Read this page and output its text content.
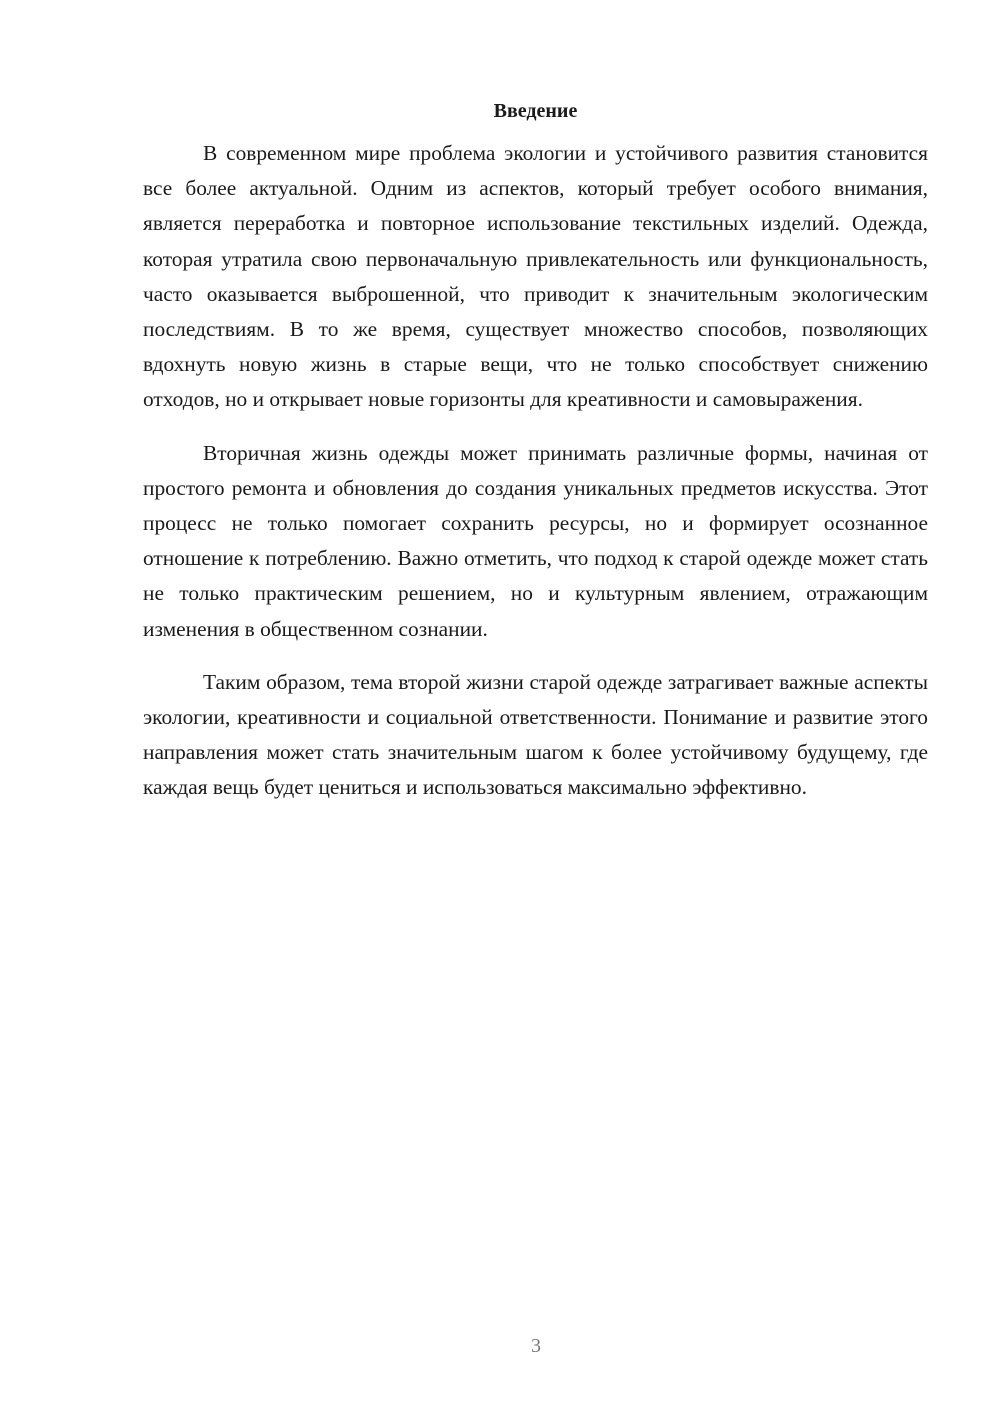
Введение

В современном мире проблема экологии и устойчивого развития становится все более актуальной. Одним из аспектов, который требует особого внимания, является переработка и повторное использование текстильных изделий. Одежда, которая утратила свою первоначальную привлекательность или функциональность, часто оказывается выброшенной, что приводит к значительным экологическим последствиям. В то же время, существует множество способов, позволяющих вдохнуть новую жизнь в старые вещи, что не только способствует снижению отходов, но и открывает новые горизонты для креативности и самовыражения.

Вторичная жизнь одежды может принимать различные формы, начиная от простого ремонта и обновления до создания уникальных предметов искусства. Этот процесс не только помогает сохранить ресурсы, но и формирует осознанное отношение к потреблению. Важно отметить, что подход к старой одежде может стать не только практическим решением, но и культурным явлением, отражающим изменения в общественном сознании.

Таким образом, тема второй жизни старой одежде затрагивает важные аспекты экологии, креативности и социальной ответственности. Понимание и развитие этого направления может стать значительным шагом к более устойчивому будущему, где каждая вещь будет цениться и использоваться максимально эффективно.

3
